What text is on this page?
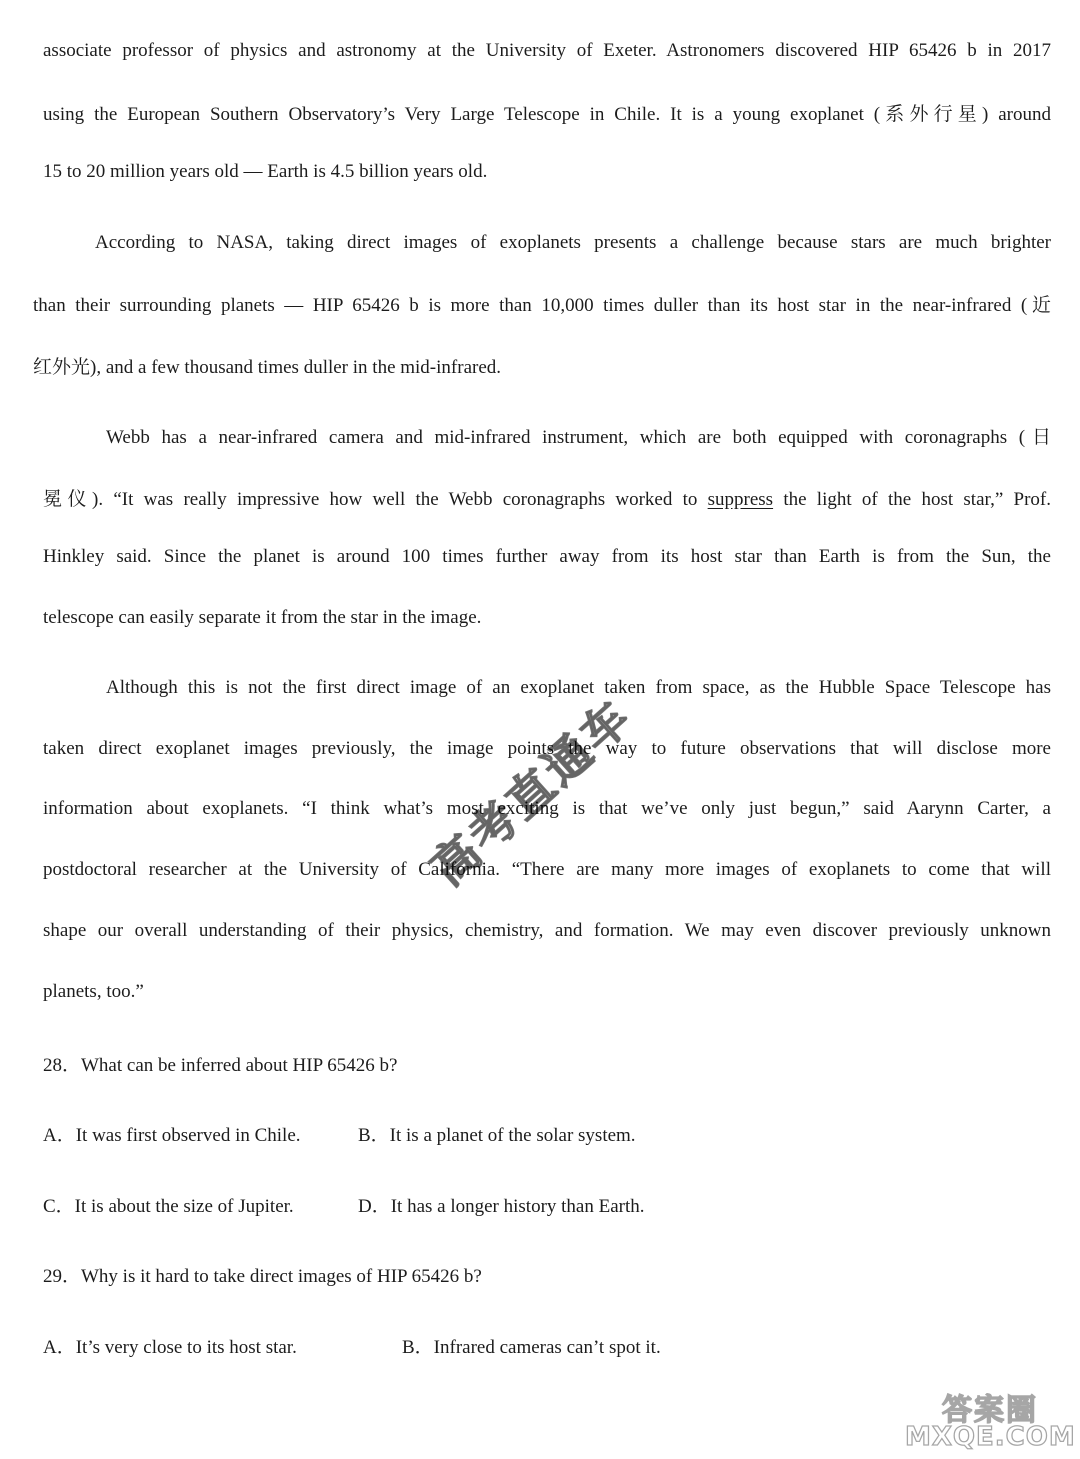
associate professor of physics and astronomy at the University of Exeter. Astronomers discovered HIP 65426 b in 2017

using the European Southern Observatory’s Very Large Telescope in Chile. It is a young exoplanet (系外行星) around

15 to 20 million years old — Earth is 4.5 billion years old.

According to NASA, taking direct images of exoplanets presents a challenge because stars are much brighter

than their surrounding planets — HIP 65426 b is more than 10,000 times duller than its host star in the near-infrared (近

红外光), and a few thousand times duller in the mid-infrared.

Webb has a near-infrared camera and mid-infrared instrument, which are both equipped with coronagraphs (日

冕仪). “It was really impressive how well the Webb coronagraphs worked to suppress the light of the host star,” Prof.

Hinkley said. Since the planet is around 100 times further away from its host star than Earth is from the Sun, the

telescope can easily separate it from the star in the image.

Although this is not the first direct image of an exoplanet taken from space, as the Hubble Space Telescope has

taken direct exoplanet images previously, the image points the way to future observations that will disclose more

information about exoplanets. “I think what’s most exciting is that we’ve only just begun,” said Aarynn Carter, a

postdoctoral researcher at the University of California. “There are many more images of exoplanets to come that will

shape our overall understanding of their physics, chemistry, and formation. We may even discover previously unknown

planets, too.”

28．What can be inferred about HIP 65426 b?

A．It was first observed in Chile.	B．It is a planet of the solar system.
C．It is about the size of Jupiter.	D．It has a longer history than Earth.

29．Why is it hard to take direct images of HIP 65426 b?

A．It’s very close to its host star.	B．Infrared cameras can’t spot it.
高考直通车
答案圈
MXQE.COM
